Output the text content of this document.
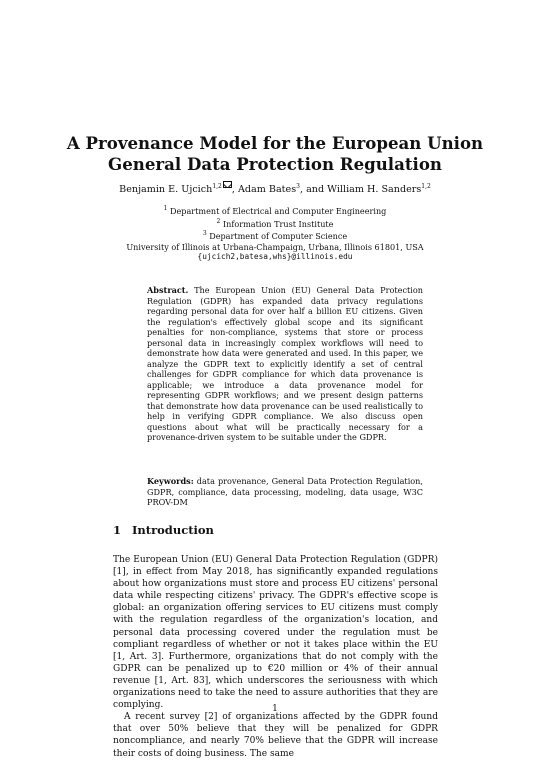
A Provenance Model for the European Union
General Data Protection Regulation
Benjamin E. Ujcich$^{1,2}$ , Adam Bates$^3$, and William H. Sanders$^{1,2}$
$^1$ Department of Electrical and Computer Engineering
$^2$ Information Trust Institute
$^3$ Department of Computer Science
University of Illinois at Urbana-Champaign, Urbana, Illinois 61801, USA
{ujcich2,batesa,whs}@illinois.edu

Abstract. The European Union (EU) General Data Protection Regulation (GDPR) has expanded data privacy regulations regarding personal data for over half a billion EU citizens. Given the regulation's effectively global scope and its significant penalties for non-compliance, systems that store or process personal data in increasingly complex workflows will need to demonstrate how data were generated and used. In this paper, we analyze the GDPR text to explicitly identify a set of central challenges for GDPR compliance for which data provenance is applicable; we introduce a data provenance model for representing GDPR workflows; and we present design patterns that demonstrate how data provenance can be used realistically to help in verifying GDPR compliance. We also discuss open questions about what will be practically necessary for a provenance-driven system to be suitable under the GDPR.

Keywords: data provenance, General Data Protection Regulation, GDPR, compliance, data processing, modeling, data usage, W3C PROV-DM
1 Introduction

The European Union (EU) General Data Protection Regulation (GDPR) [1], in effect from May 2018, has significantly expanded regulations about how organizations must store and process EU citizens' personal data while respecting citizens' privacy. The GDPR's effective scope is global: an organization offering services to EU citizens must comply with the regulation regardless of the organization's location, and personal data processing covered under the regulation must be compliant regardless of whether or not it takes place within the EU [1, Art. 3]. Furthermore, organizations that do not comply with the GDPR can be penalized up to €20 million or 4% of their annual revenue [1, Art. 83], which underscores the seriousness with which organizations need to take the need to assure authorities that they are complying.

A recent survey [2] of organizations affected by the GDPR found that over 50% believe that they will be penalized for GDPR noncompliance, and nearly 70% believe that the GDPR will increase their costs of doing business. The same

1
